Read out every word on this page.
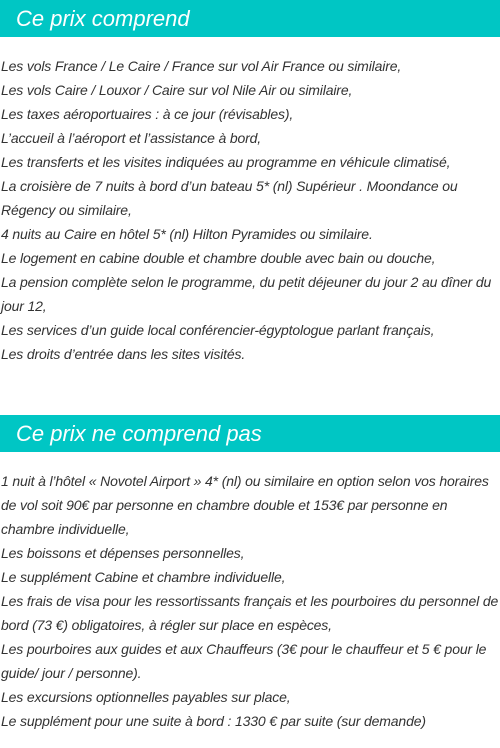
Ce prix comprend
Les vols France / Le Caire / France sur vol Air France ou similaire,
Les vols Caire / Louxor / Caire sur vol Nile Air ou similaire,
Les taxes aéroportuaires : à ce jour (révisables),
L’accueil à l’aéroport et l’assistance à bord,
Les transferts et les visites indiquées au programme en véhicule climatisé,
La croisière de 7 nuits à bord d’un bateau 5* (nl) Supérieur . Moondance ou Régency ou similaire,
4 nuits au Caire en hôtel 5* (nl) Hilton Pyramides ou similaire.
Le logement en cabine double et chambre double avec bain ou douche,
La pension complète selon le programme, du petit déjeuner du jour 2 au dîner du jour 12,
Les services d’un guide local conférencier-égyptologue parlant français,
Les droits d’entrée dans les sites visités.
Ce prix ne comprend pas
1 nuit à l’hôtel « Novotel Airport » 4* (nl) ou similaire en option selon vos horaires de vol soit 90€ par personne en chambre double et 153€ par personne en chambre individuelle,
Les boissons et dépenses personnelles,
Le supplément Cabine et chambre individuelle,
Les frais de visa pour les ressortissants français et les pourboires du personnel de bord (73 €) obligatoires, à régler sur place en espèces,
Les pourboires aux guides et aux Chauffeurs (3€ pour le chauffeur et 5 € pour le guide/ jour / personne).
Les excursions optionnelles payables sur place,
Le supplément pour une suite à bord : 1330 € par suite (sur demande)
